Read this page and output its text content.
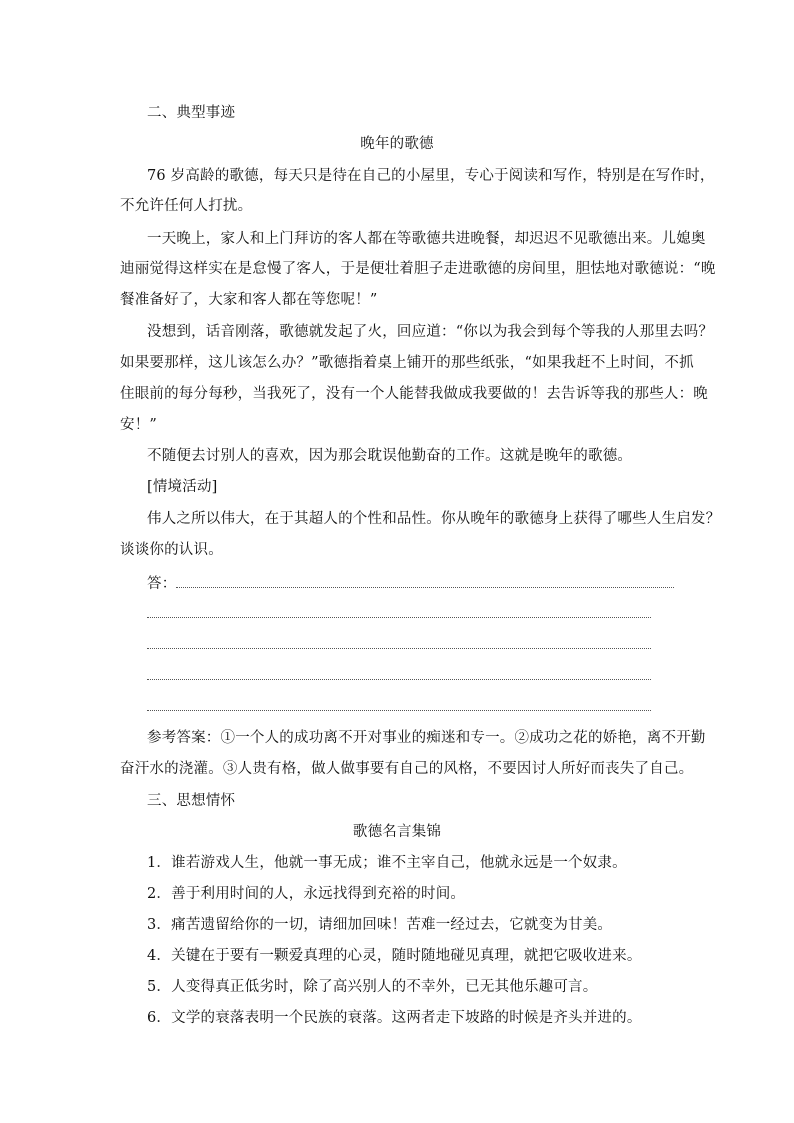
二、典型事迹
晚年的歌德
76 岁高龄的歌德，每天只是待在自己的小屋里，专心于阅读和写作，特别是在写作时，
不允许任何人打扰。
一天晚上，家人和上门拜访的客人都在等歌德共进晚餐，却迟迟不见歌德出来。儿媳奥
迪丽觉得这样实在是怠慢了客人，于是便壮着胆子走进歌德的房间里，胆怯地对歌德说：“晚
餐准备好了，大家和客人都在等您呢！”
没想到，话音刚落，歌德就发起了火，回应道：“你以为我会到每个等我的人那里去吗？
如果要那样，这儿该怎么办？”歌德指着桌上铺开的那些纸张，“如果我赶不上时间，不抓
住眼前的每分每秒，当我死了，没有一个人能替我做成我要做的！去告诉等我的那些人：晚
安！”
不随便去讨别人的喜欢，因为那会耽误他勤奋的工作。这就是晚年的歌德。
[情境活动]
伟人之所以伟大，在于其超人的个性和品性。你从晚年的歌德身上获得了哪些人生启发？
谈谈你的认识。
答：
参考答案：①一个人的成功离不开对事业的痴迷和专一。②成功之花的娇艳，离不开勤
奋汗水的浇灌。③人贵有格，做人做事要有自己的风格，不要因讨人所好而丧失了自己。
三、思想情怀
歌德名言集锦
1．谁若游戏人生，他就一事无成；谁不主宰自己，他就永远是一个奴隶。
2．善于利用时间的人，永远找得到充裕的时间。
3．痛苦遗留给你的一切，请细加回味！苦难一经过去，它就变为甘美。
4．关键在于要有一颗爱真理的心灵，随时随地碰见真理，就把它吸收进来。
5．人变得真正低劣时，除了高兴别人的不幸外，已无其他乐趣可言。
6．文学的衰落表明一个民族的衰落。这两者走下坡路的时候是齐头并进的。
